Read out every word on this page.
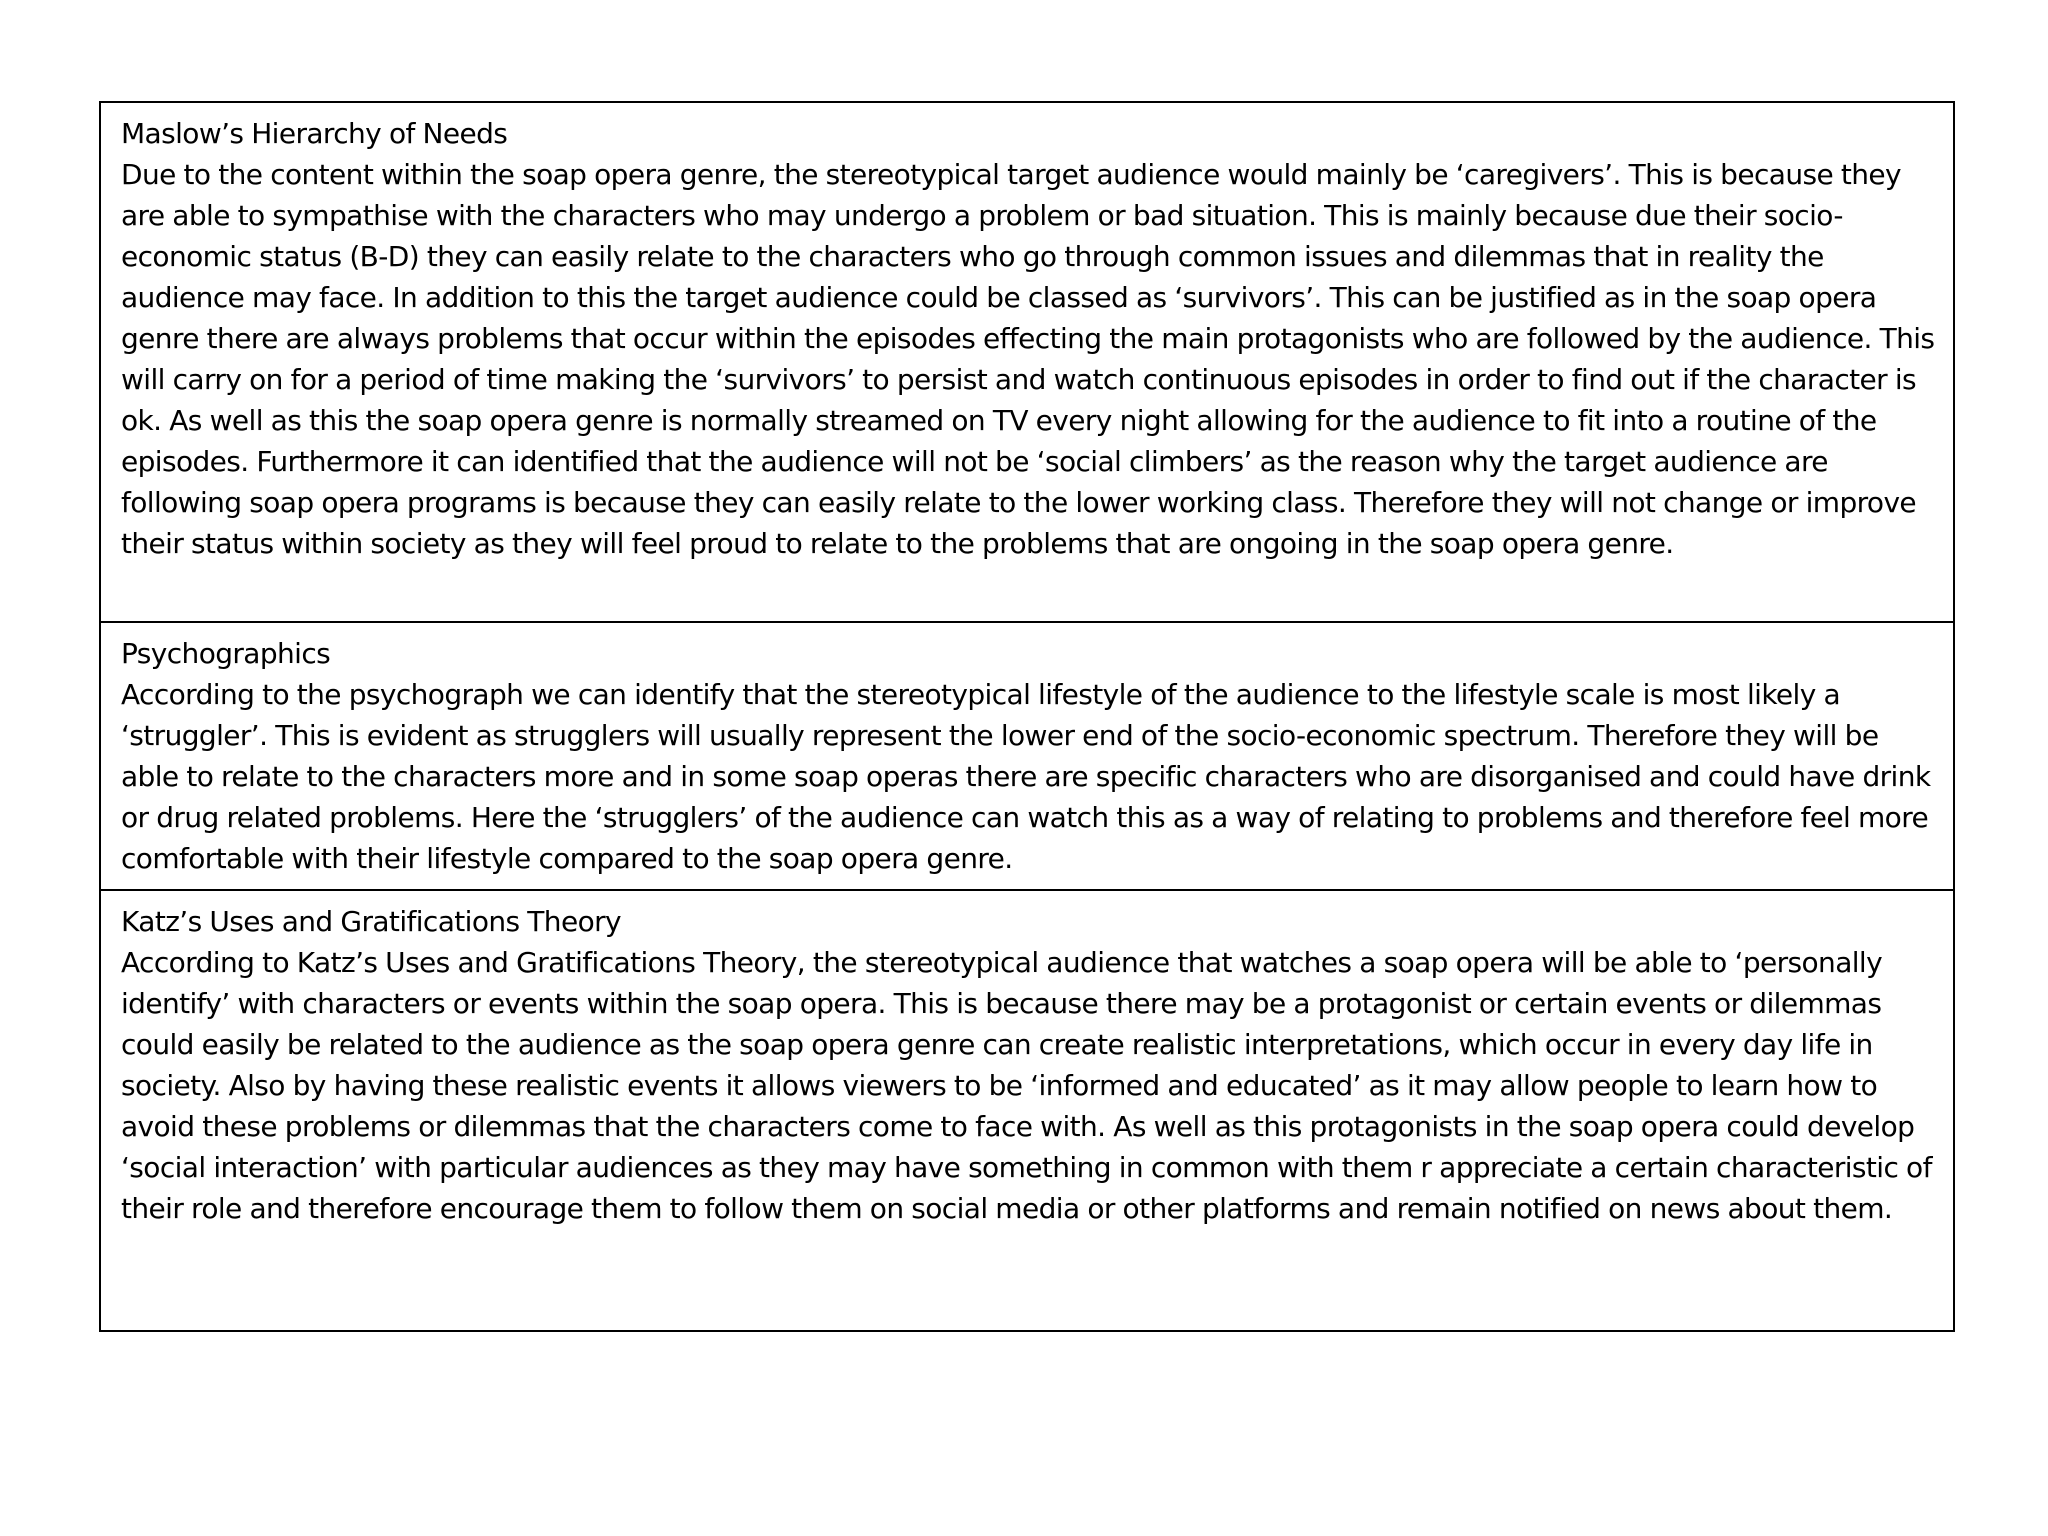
Maslow’s Hierarchy of Needs
Due to the content within the soap opera genre, the stereotypical target audience would mainly be ‘caregivers’. This is because they are able to sympathise with the characters who may undergo a problem or bad situation. This is mainly because due their socio-economic status (B-D) they can easily relate to the characters who go through common issues and dilemmas that in reality the audience may face. In addition to this the target audience could be classed as ‘survivors’. This can be justified as in the soap opera genre there are always problems that occur within the episodes effecting the main protagonists who are followed by the audience. This will carry on for a period of time making the ‘survivors’ to persist and watch continuous episodes in order to find out if the character is ok. As well as this the soap opera genre is normally streamed on TV every night allowing for the audience to fit into a routine of the episodes. Furthermore it can identified that the audience will not be ‘social climbers’ as the reason why the target audience are following soap opera programs is because they can easily relate to the lower working class. Therefore they will not change or improve their status within society as they will feel proud to relate to the problems that are ongoing in the soap opera genre.
Psychographics
According to the psychograph we can identify that the stereotypical lifestyle of the audience to the lifestyle scale is most likely a ‘struggler’. This is evident as strugglers will usually represent the lower end of the socio-economic spectrum. Therefore they will be able to relate to the characters more and in some soap operas there are specific characters who are disorganised and could have drink or drug related problems. Here the ‘strugglers’ of the audience can watch this as a way of relating to problems and therefore feel more comfortable with their lifestyle compared to the soap opera genre.
Katz’s Uses and Gratifications Theory
According to Katz’s Uses and Gratifications Theory, the stereotypical audience that watches a soap opera will be able to ‘personally identify’ with characters or events within the soap opera. This is because there may be a protagonist or certain events or dilemmas could easily be related to the audience as the soap opera genre can create realistic interpretations, which occur in every day life in society. Also by having these realistic events it allows viewers to be ‘informed and educated’ as it may allow people to learn how to avoid these problems or dilemmas that the characters come to face with. As well as this protagonists in the soap opera could develop ‘social interaction’ with particular audiences as they may have something in common with them r appreciate a certain characteristic of their role and therefore encourage them to follow them on social media or other platforms and remain notified on news about them.
